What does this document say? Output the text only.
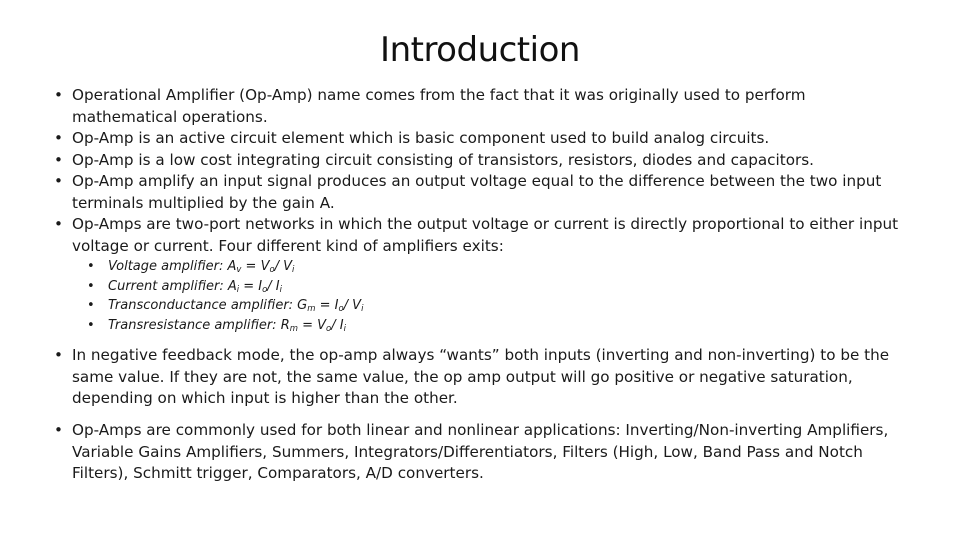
Introduction
• Operational Amplifier (Op-Amp) name comes from the fact that it was originally used to perform mathematical operations.
• Op-Amp is an active circuit element which is basic component used to build analog circuits.
• Op-Amp is a low cost integrating circuit consisting of transistors, resistors, diodes and capacitors.
• Op-Amp amplify an input signal produces an output voltage equal to the difference between the two input terminals multiplied by the gain A.
• Op-Amps are two-port networks in which the output voltage or current is directly proportional to either input voltage or current. Four different kind of amplifiers exits:
• Voltage amplifier: $A_v = V_o/$ $V_i$
• Current amplifier: $A_i = I_o/$ $I_i$
• Transconductance amplifier: $G_m = I_o/$ $V_i$
• Transresistance amplifier: $R_m = V_o/$ $I_i$
• In negative feedback mode, the op-amp always “wants” both inputs (inverting and non-inverting) to be the same value. If they are not, the same value, the op amp output will go positive or negative saturation, depending on which input is higher than the other.
• Op-Amps are commonly used for both linear and nonlinear applications: Inverting/Non-inverting Amplifiers, Variable Gains Amplifiers, Summers, Integrators/Differentiators, Filters (High, Low, Band Pass and Notch Filters), Schmitt trigger, Comparators, A/D converters.
